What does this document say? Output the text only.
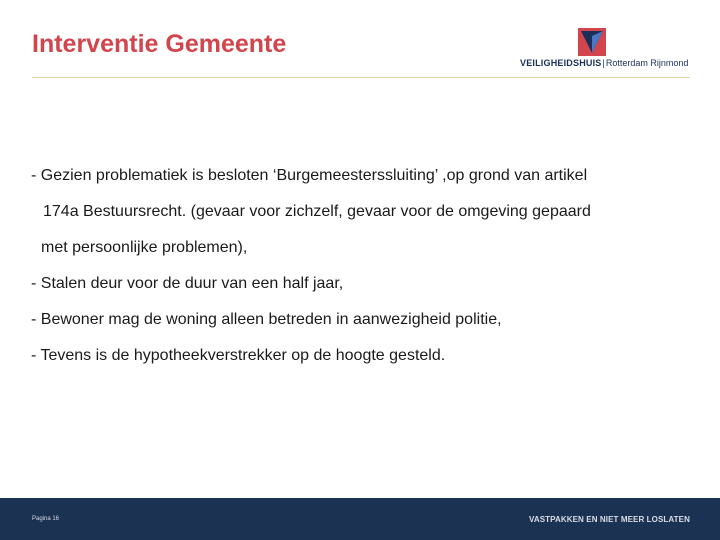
Interventie Gemeente
VEILIGHEIDSHUIS|Rotterdam Rijnmond
- Gezien problematiek is besloten ‘Burgemeesterssluiting’ ,op grond van artikel
174a Bestuursrecht. (gevaar voor zichzelf, gevaar voor de omgeving gepaard
met persoonlijke problemen),
- Stalen deur voor de duur van een half jaar,
- Bewoner mag de woning alleen betreden in aanwezigheid politie,
- Tevens is de hypotheekverstrekker op de hoogte gesteld.
Pagina 16	VASTPAKKEN EN NIET MEER LOSLATEN
